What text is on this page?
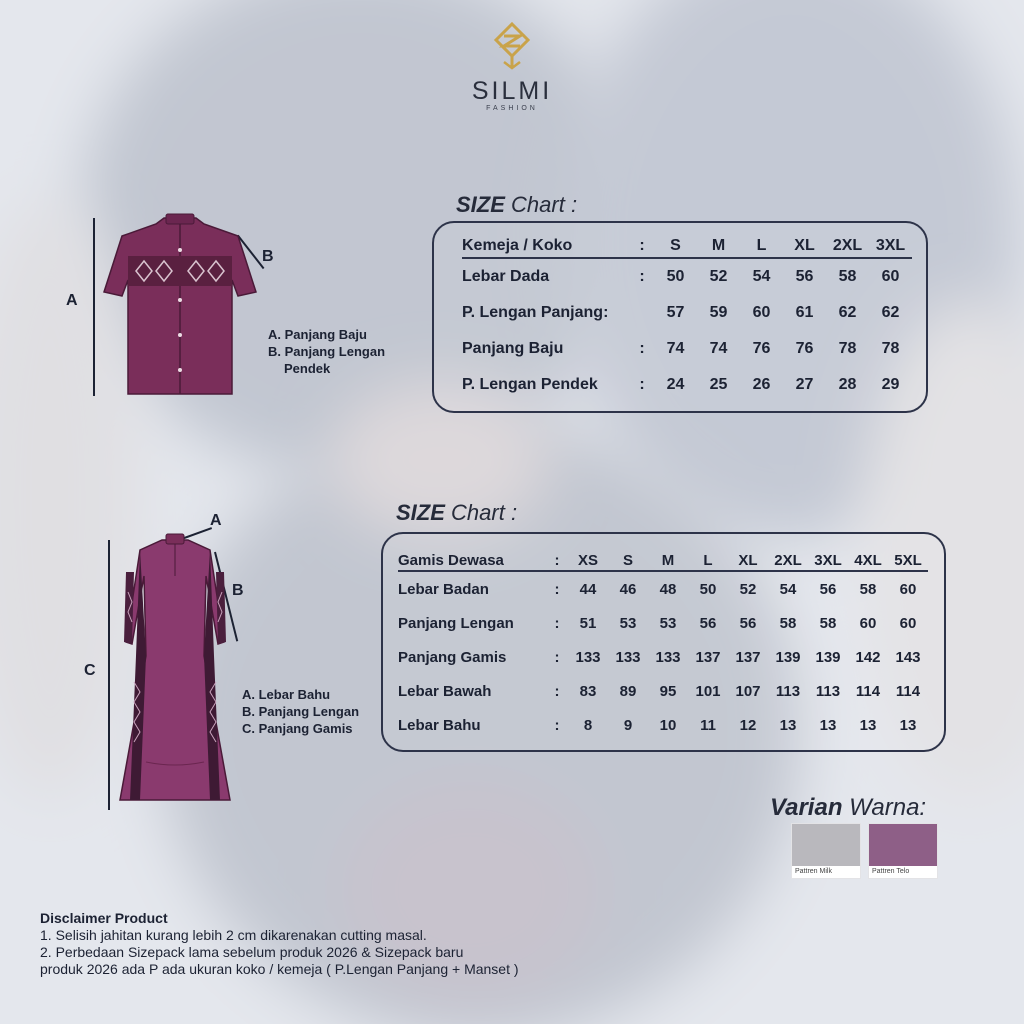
SILMI
FASHION
A
B
A. Panjang Baju
B. Panjang Lengan
Pendek
SIZE Chart :
Kemeja / Koko	:	S	M	L	XL	2XL	3XL

Lebar Dada	:	50	52	54	56	58	60
P. Lengan Panjang:		57	59	60	61	62	62
Panjang Baju	:	74	74	76	76	78	78
P. Lengan Pendek	:	24	25	26	27	28	29
C
A
B
A. Lebar Bahu
B. Panjang Lengan
C. Panjang Gamis
SIZE Chart :
Gamis Dewasa	:	XS	S	M	L	XL	2XL	3XL	4XL	5XL

Lebar Badan	:	44	46	48	50	52	54	56	58	60
Panjang Lengan	:	51	53	53	56	56	58	58	60	60
Panjang Gamis	:	133	133	133	137	137	139	139	142	143
Lebar Bawah	:	83	89	95	101	107	113	113	114	114
Lebar Bahu	:	8	9	10	11	12	13	13	13	13
Varian Warna:
Pattren Milk	Pattren Telo
Disclaimer Product
1. Selisih jahitan kurang lebih 2 cm dikarenakan cutting masal.
2. Perbedaan Sizepack lama sebelum produk 2026 & Sizepack baru
produk 2026 ada P ada ukuran koko / kemeja ( P.Lengan Panjang + Manset )
